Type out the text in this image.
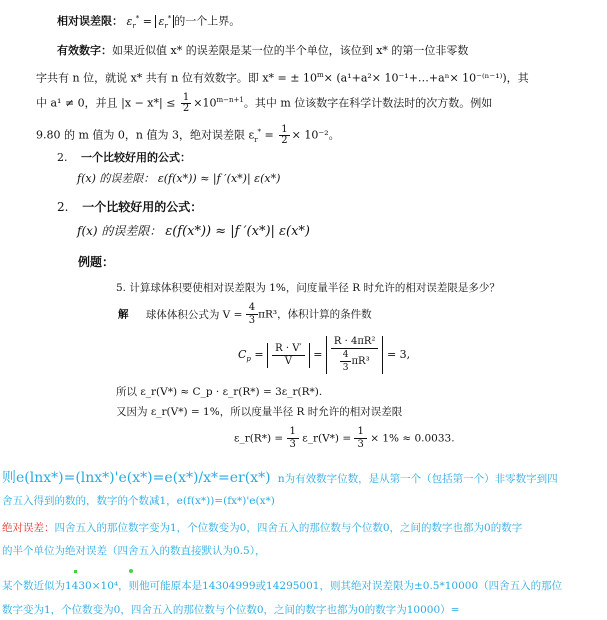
相对误差限： $\varepsilon_r^* = \varepsilon_r^*$ 的一个上界。
有效数字：如果近似值 x* 的误差限是某一位的半个单位，该位到 x* 的第一位非零数
字共有 n 位，就说 x* 共有 n 位有效数字。即 x* = ± $10^m\times (a^1+a^2\times$ 10⁻¹+…+aⁿ× 10⁻⁽ⁿ⁻¹⁾)，其
中 a¹ ≠ 0，并且 $|x - x*| \le \frac{1}{2} \times 10^{m-n+1}$。其中 m 位该数字在科学计数法时的次方数。例如
9.80 的 m 值为 0，n 值为 3，绝对误差限 $\varepsilon_r^* = \frac{1}{2} \times 10^{-2}$。
2. 一个比较好用的公式：
f(x) 的误差限： ε(f(x*)) ≈ |f ′(x*)| ε(x*)
2. 一个比较好用的公式：
f(x) 的误差限： ε(f(x*)) ≈ |f ′(x*)| ε(x*)
例题：
5. 计算球体积要使相对误差限为 1%，问度量半径 R 时允许的相对误差限是多少？
解 球体体积公式为 $V = \frac{4}{3} \pi R^3$，体积计算的条件数
$C_p = \frac{R \cdot V'}{V} = \frac{\text{R · 4πR²}}{\frac{4}{3} \pi R^3} = 3$,
所以 ε_r(V*) ≈ C_p · ε_r(R*) = 3ε_r(R*).
又因为 ε_r(V*) = 1%，所以度量半径 R 时允许的相对误差限
ε_r(R*) = $\frac{1}{3}$ ε_r(V*) = $\frac{1}{3} \times 1\% \approx 0.0033$.
则e(lnx*)=(lnx*)'e(x*)=e(x*)/x*=er(x*) n为有效数字位数，是从第一个（包括第一个）非零数字到四
舍五入得到的数的，数字的个数减1，e(f(x*))=(fx*)'e(x*)
绝对误差：四舍五入的那位数字变为1，个位数变为0，四舍五入的那位数与个位数0，之间的数字也都为0的数字
的半个单位为绝对误差（四舍五入的数直接默认为0.5），
某个数近似为1430×10⁴，则他可能原本是14304999或14295001，则其绝对误差限为±0.5*10000（四舍五入的那位
数字变为1，个位数变为0，四舍五入的那位数与个位数0，之间的数字也都为0的数字为10000）=
